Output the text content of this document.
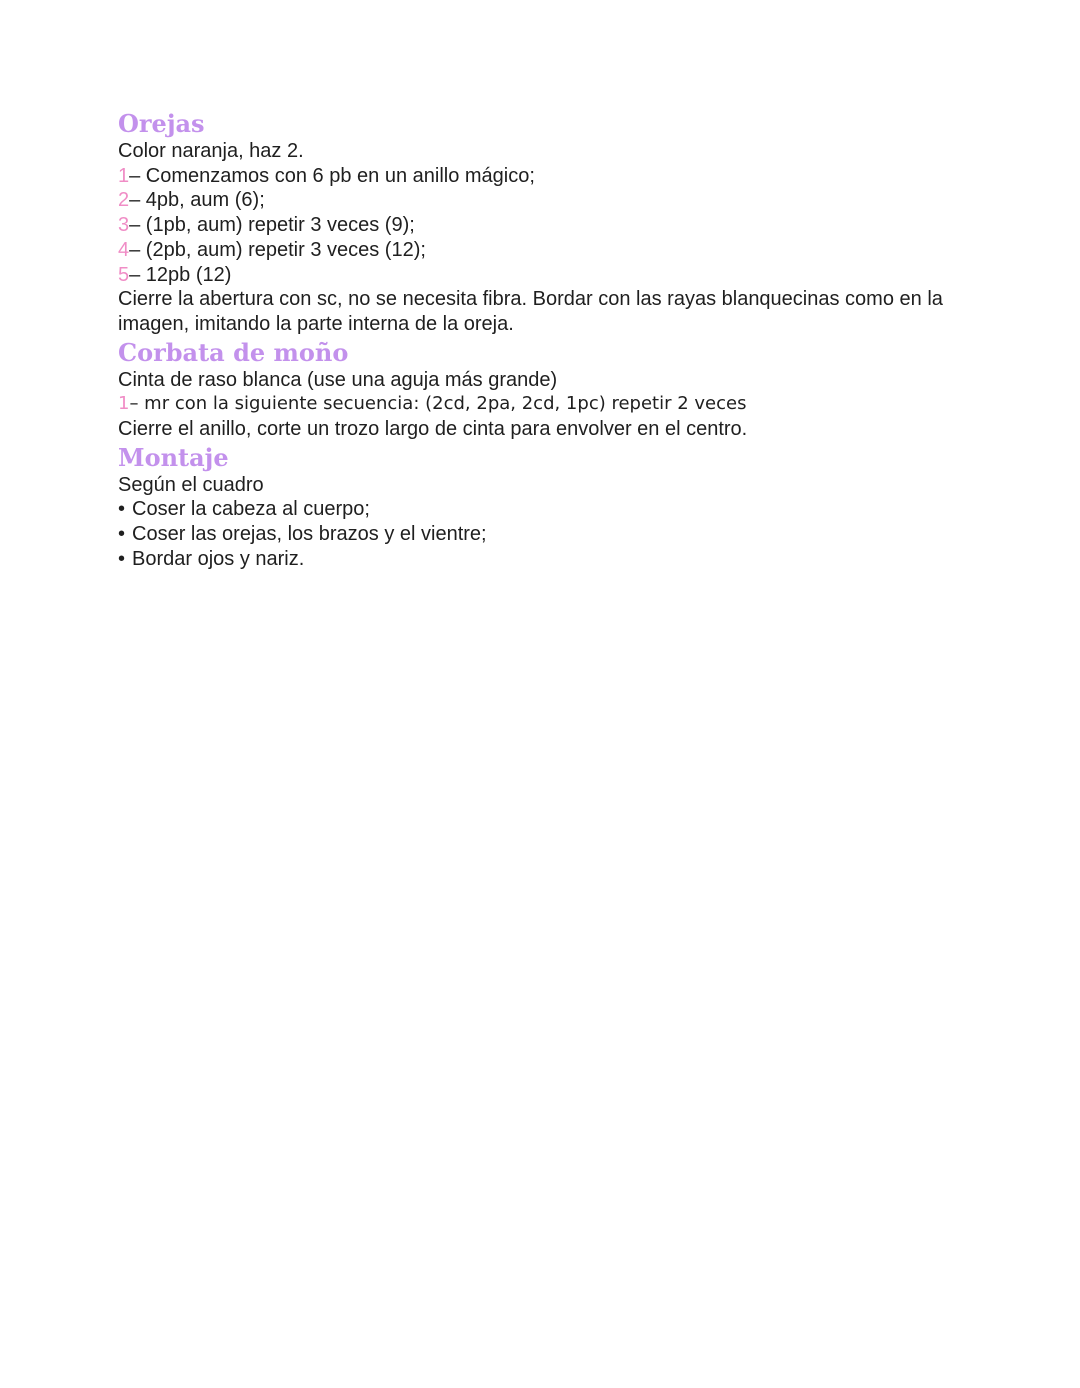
Orejas

Color naranja, haz 2.

1– Comenzamos con 6 pb en un anillo mágico;

2– 4pb, aum (6);

3– (1pb, aum) repetir 3 veces (9);

4– (2pb, aum) repetir 3 veces (12);

5– 12pb (12)

Cierre la abertura con sc, no se necesita fibra. Bordar con las rayas blanquecinas como en la imagen, imitando la parte interna de la oreja.

Corbata de moño

Cinta de raso blanca (use una aguja más grande)

1– mr con la siguiente secuencia: (2cd, 2pa, 2cd, 1pc) repetir 2 veces

Cierre el anillo, corte un trozo largo de cinta para envolver en el centro.

Montaje

Según el cuadro

• Coser la cabeza al cuerpo;

• Coser las orejas, los brazos y el vientre;

• Bordar ojos y nariz.
